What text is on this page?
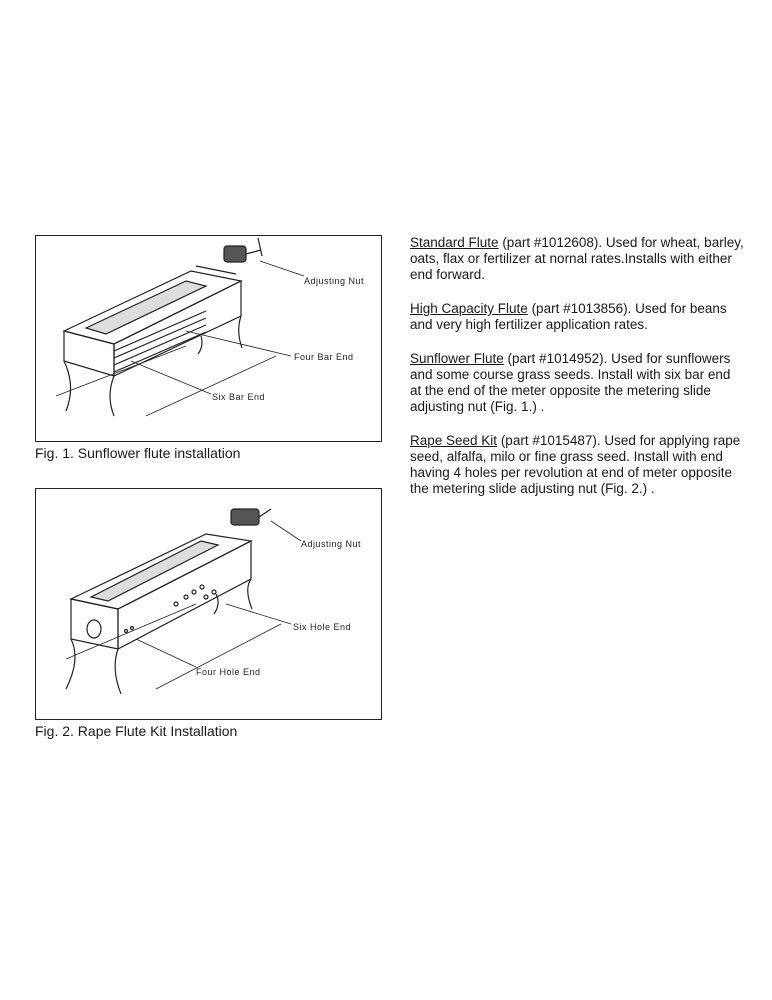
Adjusting Nut
Four Bar End
Six Bar End
Fig. 1. Sunflower flute installation
Adjusting Nut
Six Hole End
Four Hole End
Fig. 2. Rape Flute Kit Installation

Standard Flute (part #1012608). Used for wheat, barley, oats, flax or fertilizer at nornal rates.Installs with either end forward.

High Capacity Flute (part #1013856). Used for beans and very high fertilizer application rates.

Sunflower Flute (part #1014952). Used for sunflowers and some course grass seeds. Install with six bar end at the end of the meter opposite the metering slide adjusting nut (Fig. 1.) .

Rape Seed Kit (part #1015487). Used for applying rape seed, alfalfa, milo or fine grass seed. Install with end having 4 holes per revolution at end of meter opposite the metering slide adjusting nut (Fig. 2.) .
